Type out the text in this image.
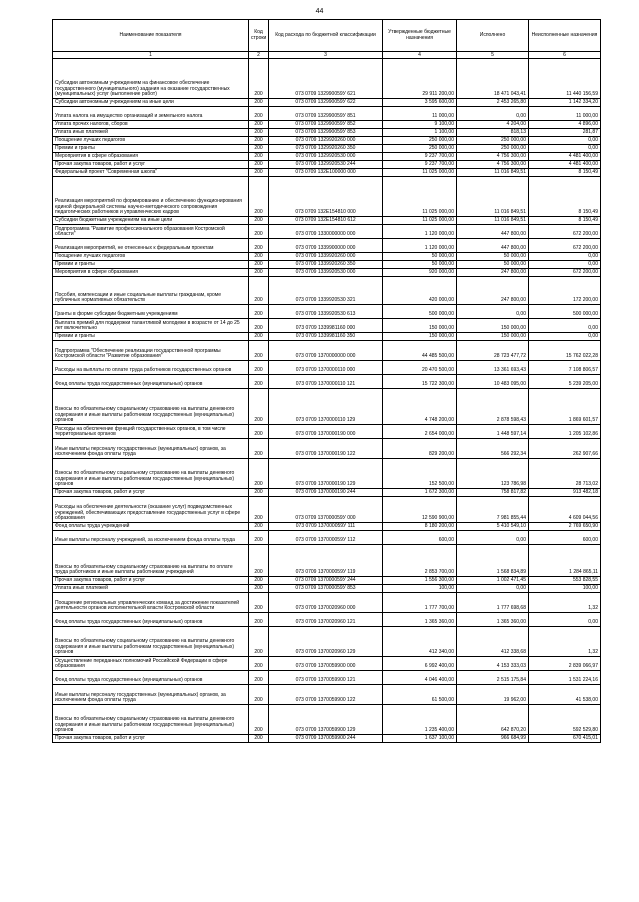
44
Наименование показателя	Код строки	Код расхода по бюджетной классификации	Утвержденные бюджетные назначения	Исполнено	Неисполненные назначения
1	2	3	4	5	6
Субсидии автономным учреждениям на финансовое обеспечение государственного (муниципального) задания на оказание государственных (муниципальных) услуг (выполнение работ)	200	073 0709 132990059У 621	29 911 200,00	18 471 043,41	11 440 156,59
Субсидии автономным учреждениям на иные цели	200	073 0709 132990059У 622	3 595 600,00	2 453 265,80	1 142 334,20
Уплата налога на имущество организаций и земельного налога	200	073 0709 132990059У 851	11 000,00	0,00	11 000,00
Уплата прочих налогов, сборов	200	073 0709 132990059У 852	9 100,00	4 204,00	4 896,00
Уплата иных платежей	200	073 0709 132990059У 853	1 100,00	818,13	281,87
Поощрение лучших педагогов	200	073 0709 1329920260 000	250 000,00	250 000,00	0,00
Премии и гранты	200	073 0709 1329920260 350	250 000,00	250 000,00	0,00
Мероприятия в сфере образования	200	073 0709 1329920530 000	9 237 700,00	4 756 300,00	4 481 400,00
Прочая закупка товаров, работ и услуг	200	073 0709 1329920530 244	9 237 700,00	4 756 300,00	4 481 400,00
Федеральный проект "Современная школа"	200	073 0709 132Е100000 000	11 025 000,00	11 016 849,51	8 150,49
Реализация мероприятий по формированию и обеспечению функционирования единой федеральной системы научно-методического сопровождения педагогических работников и управленческих кадров	200	073 0709 132Е154810 000	11 025 000,00	11 016 849,51	8 150,49
Субсидии бюджетным учреждениям на иные цели	200	073 0709 132Е154810 612	11 025 000,00	11 016 849,51	8 150,49
Подпрограмма "Развитие профессионального образования Костромской области"	200	073 0709 1330000000 000	1 120 000,00	447 800,00	672 200,00
Реализация мероприятий, не отнесенных к федеральным проектам	200	073 0709 1339900000 000	1 120 000,00	447 800,00	672 200,00
Поощрение лучших педагогов	200	073 0709 1339920260 000	50 000,00	50 000,00	0,00
Премии и гранты	200	073 0709 1339920260 350	50 000,00	50 000,00	0,00
Мероприятия в сфере образования	200	073 0709 1339920530 000	920 000,00	247 800,00	672 200,00
Пособия, компенсации и иные социальные выплаты гражданам, кроме публичных нормативных обязательств	200	073 0709 1339920530 321	420 000,00	247 800,00	172 200,00
Гранты в форме субсидии бюджетным учреждениям	200	073 0709 1339920530 613	500 000,00	0,00	500 000,00
Выплата премий для поддержки талантливой молодежи в возрасте от 14 до 25 лет включительно	200	073 0709 1339981160 000	150 000,00	150 000,00	0,00
Премии и гранты	200	073 0709 1339981160 350	150 000,00	150 000,00	0,00
Подпрограмма "Обеспечение реализации государственной программы Костромской области "Развитие образования"	200	073 0709 1370000000 000	44 485 500,00	28 723 477,72	15 762 022,28
Расходы на выплаты по оплате труда работников государственных органов	200	073 0709 1370000110 000	20 470 500,00	13 361 693,43	7 108 806,57
Фонд оплаты труда государственных (муниципальных) органов	200	073 0709 1370000110 121	15 722 300,00	10 483 095,00	5 239 205,00
Взносы по обязательному социальному страхованию на выплаты денежного содержания и иные выплаты работникам государственных (муниципальных) органов	200	073 0709 1370000110 129	4 748 200,00	2 878 598,43	1 869 601,57
Расходы на обеспечение функций государственных органов, в том числе территориальных органов	200	073 0709 1370000190 000	2 654 000,00	1 448 597,14	1 205 102,86
Иные выплаты персоналу государственных (муниципальных) органов, за исключением фонда оплаты труда	200	073 0709 1370000190 122	829 200,00	566 292,34	262 907,66
Взносы по обязательному социальному страхованию на выплаты денежного содержания и иные выплаты работникам государственных (муниципальных) органов	200	073 0709 1370000190 129	152 500,00	123 786,98	28 713,02
Прочая закупка товаров, работ и услуг	200	073 0709 1370000190 244	1 672 300,00	758 817,82	913 482,18
Расходы на обеспечение деятельности (оказание услуг) подведомственных учреждений, обеспечивающих предоставление государственных услуг в сфере образования	200	073 0709 137000059У 000	12 590 900,00	7 981 855,44	4 609 044,56
Фонд оплаты труда учреждений	200	073 0709 137000059У 111	8 180 200,00	5 410 549,10	2 769 650,90
Иные выплаты персоналу учреждений, за исключением фонда оплаты труда	200	073 0709 137000059У 112	600,00	0,00	600,00
Взносы по обязательному социальному страхованию на выплаты по оплате труда работников и иные выплаты работникам учреждений	200	073 0709 137000059У 119	2 853 700,00	1 568 834,89	1 284 865,11
Прочая закупка товаров, работ и услуг	200	073 0709 137000059У 244	1 556 300,00	1 002 471,45	553 828,55
Уплата иных платежей	200	073 0709 137000059У 853	100,00	0,00	100,00
Поощрение региональных управленческих команд за достижение показателей деятельности органов исполнительной власти Костромской области	200	073 0709 1370020960 000	1 777 700,00	1 777 698,68	1,32
Фонд оплаты труда государственных (муниципальных) органов	200	073 0709 1370020960 121	1 365 360,00	1 365 360,00	0,00
Взносы по обязательному социальному страхованию на выплаты денежного содержания и иные выплаты работникам государственных (муниципальных) органов	200	073 0709 1370020960 129	412 340,00	412 338,68	1,32
Осуществление переданных полномочий Российской Федерации в сфере образования	200	073 0709 1370059900 000	6 992 400,00	4 153 333,03	2 839 066,97
Фонд оплаты труда государственных (муниципальных) органов	200	073 0709 1370059900 121	4 046 400,00	2 515 175,84	1 531 224,16
Иные выплаты персоналу государственных (муниципальных) органов, за исключением фонда оплаты труда	200	073 0709 1370059900 122	61 500,00	19 962,00	41 538,00
Взносы по обязательному социальному страхованию на выплаты денежного содержания и иные выплаты работникам государственных (муниципальных) органов	200	073 0709 1370059900 129	1 235 400,00	642 870,20	592 529,80
Прочая закупка товаров, работ и услуг	200	073 0709 1370059900 244	1 637 100,00	966 684,99	670 415,01
